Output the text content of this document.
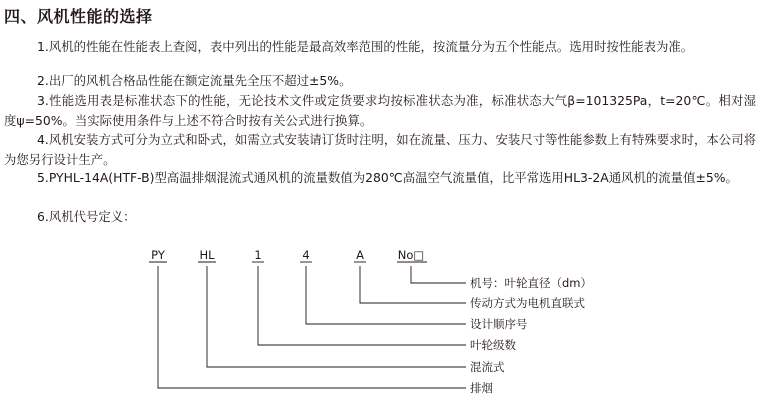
四、风机性能的选择
1.风机的性能在性能表上查阅，表中列出的性能是最高效率范围的性能，按流量分为五个性能点。选用时按性能表为准。
2.出厂的风机合格品性能在额定流量先全压不超过±5%。
3.性能选用表是标准状态下的性能，无论技术文件或定货要求均按标准状态为准，标准状态大气β=101325Pa，t=20℃。相对湿度ψ=50%。当实际使用条件与上述不符合时按有关公式进行换算。
4.风机安装方式可分为立式和卧式，如需立式安装请订货时注明，如在流量、压力、安装尺寸等性能参数上有特殊要求时，本公司将为您另行设计生产。
5.PYHL-14A(HTF-B)型高温排烟混流式通风机的流量数值为280℃高温空气流量值，比平常选用HL3-2A通风机的流量值±5%。
6.风机代号定义：
PY	HL	1	4	A	No□
机号：叶轮直径（dm）
传动方式为电机直联式
设计顺序号
叶轮级数
混流式
排烟
